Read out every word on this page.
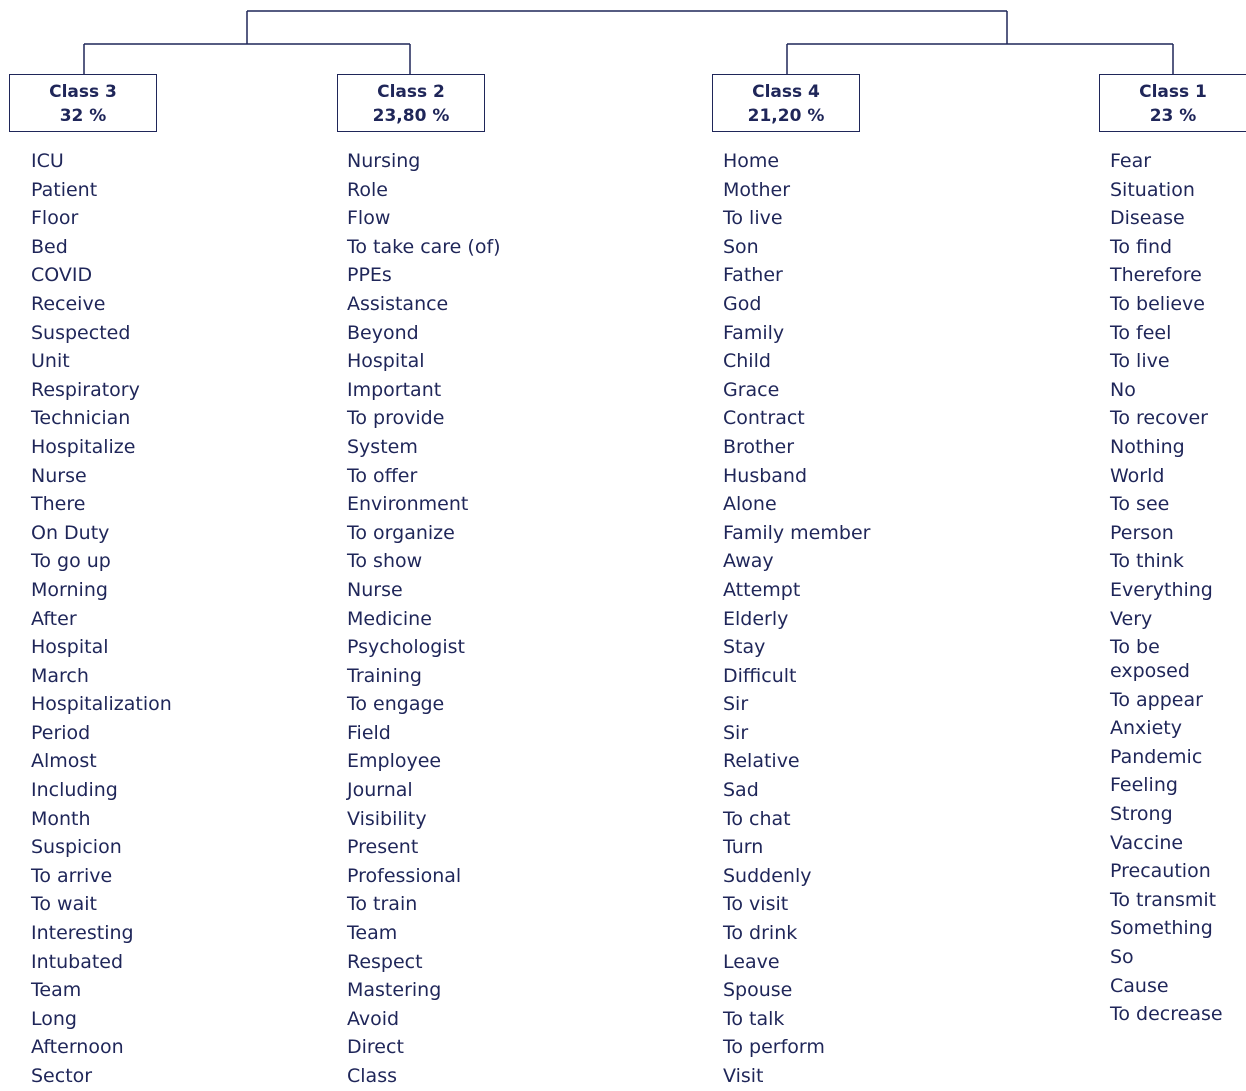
Class 3
32 %
Class 2
23,80 %
Class 4
21,20 %
Class 1
23 %
ICU
Patient
Floor
Bed
COVID
Receive
Suspected
Unit
Respiratory
Technician
Hospitalize
Nurse
There
On Duty
To go up
Morning
After
Hospital
March
Hospitalization
Period
Almost
Including
Month
Suspicion
To arrive
To wait
Interesting
Intubated
Team
Long
Afternoon
Sector
Nursing
Role
Flow
To take care (of)
PPEs
Assistance
Beyond
Hospital
Important
To provide
System
To offer
Environment
To organize
To show
Nurse
Medicine
Psychologist
Training
To engage
Field
Employee
Journal
Visibility
Present
Professional
To train
Team
Respect
Mastering
Avoid
Direct
Class
Home
Mother
To live
Son
Father
God
Family
Child
Grace
Contract
Brother
Husband
Alone
Family member
Away
Attempt
Elderly
Stay
Difficult
Sir
Sir
Relative
Sad
To chat
Turn
Suddenly
To visit
To drink
Leave
Spouse
To talk
To perform
Visit
Fear
Situation
Disease
To find
Therefore
To believe
To feel
To live
No
To recover
Nothing
World
To see
Person
To think
Everything
Very
To be exposed
To appear
Anxiety
Pandemic
Feeling
Strong
Vaccine
Precaution
To transmit
Something
So
Cause
To decrease
